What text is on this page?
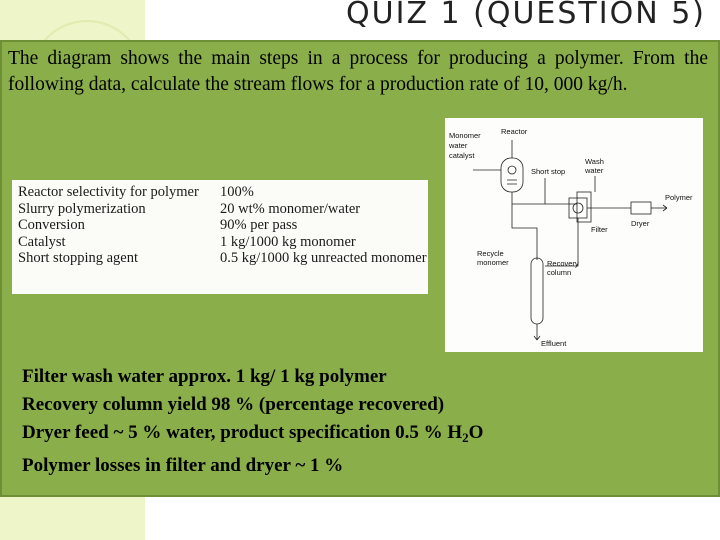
QUIZ 1 (QUESTION 5)
The diagram shows the main steps in a process for producing a polymer. From the following data, calculate the stream flows for a production rate of 10, 000 kg/h.
Reactor selectivity for polymer	100%
Slurry polymerization	20 wt% monomer/water
Conversion	90% per pass
Catalyst	1 kg/1000 kg monomer
Short stopping agent	0.5 kg/1000 kg unreacted monomer
Monomer
water
catalyst
Reactor
Short stop
Wash
water
Polymer
Filter
Dryer
Recycle
monomer	Recovery
column
Effluent
Filter wash water approx. 1 kg/ 1 kg polymer
Recovery column yield 98 % (percentage recovered)
Dryer feed ~ 5 % water, product specification 0.5 % $H_2O$
Polymer losses in filter and dryer ~ 1 %
